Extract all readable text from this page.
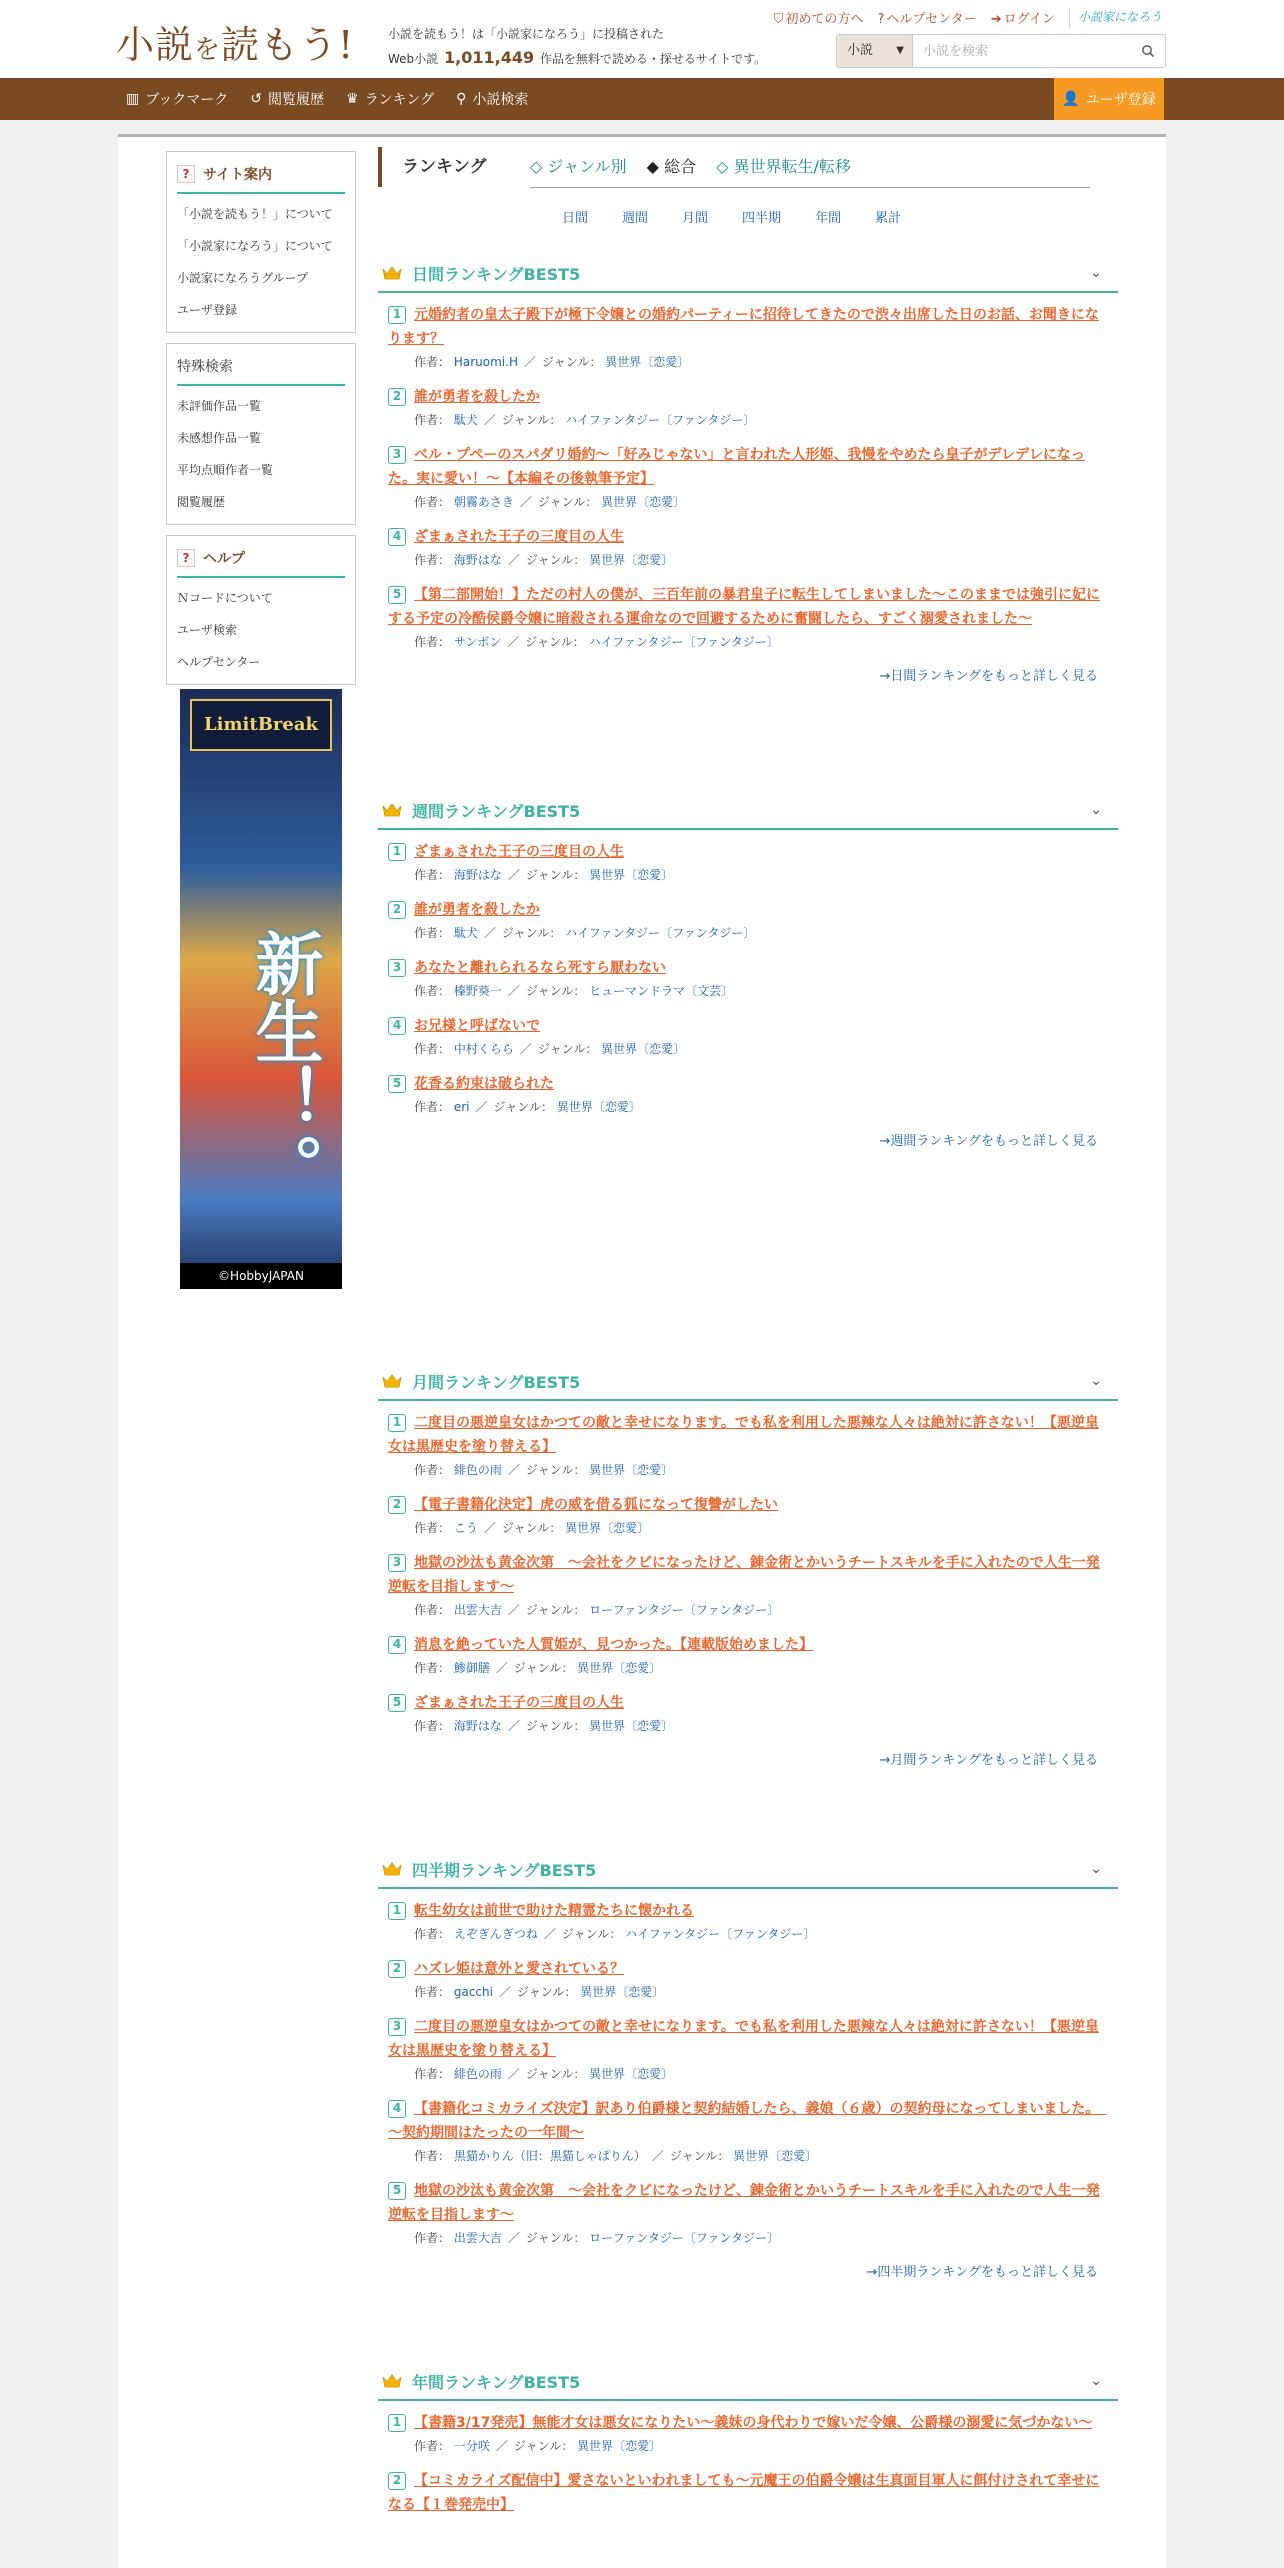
小説を読もう!	小説を読もう！は「小説家になろう」に投稿された
Web小説 1,011,449 作品を無料で読める・探せるサイトです。
⛉ 初めての方へ ? ヘルプセンター ➔ ログイン	小説家になろう
小説 ▼
小説を検索
▥ ブックマーク ↺ 閲覧履歴 ♛ ランキング ⚲ 小説検索	👤 ユーザ登録
? サイト案内
「小説を読もう！」について
「小説家になろう」について
小説家になろうグループ
ユーザ登録
特殊検索
未評価作品一覧
未感想作品一覧
平均点順作者一覧
閲覧履歴
? ヘルプ
Ｎコードについて
ユーザ検索
ヘルプセンター
LimitBreak
新生！。
©HobbyJAPAN
ランキング	◇ ジャンル別 ◆ 総合 ◇ 異世界転生/転移
日間	週間	月間	四半期	年間	累計
日間ランキングBEST5	⌄
1 元婚約者の皇太子殿下が極下令嬢との婚約パーティーに招待してきたので渋々出席した日のお話、お聞きになります？
作者： Haruomi.H ／ ジャンル： 異世界〔恋愛〕
2 誰が勇者を殺したか
作者： 駄犬 ／ ジャンル： ハイファンタジー〔ファンタジー〕
3 ベル・プペーのスパダリ婚約～「好みじゃない」と言われた人形姫、我慢をやめたら皇子がデレデレになった。実に愛い！～【本編その後執筆予定】
作者： 朝霧あさき ／ ジャンル： 異世界〔恋愛〕
4 ざまぁされた王子の三度目の人生
作者： 海野はな ／ ジャンル： 異世界〔恋愛〕
5 【第二部開始！】ただの村人の僕が、三百年前の暴君皇子に転生してしまいました～このままでは強引に妃にする予定の冷酷侯爵令嬢に暗殺される運命なので回避するために奮闘したら、すごく溺愛されました～
作者： サンボン ／ ジャンル： ハイファンタジー〔ファンタジー〕
→日間ランキングをもっと詳しく見る
週間ランキングBEST5	⌄
1 ざまぁされた王子の三度目の人生
作者： 海野はな ／ ジャンル： 異世界〔恋愛〕
2 誰が勇者を殺したか
作者： 駄犬 ／ ジャンル： ハイファンタジー〔ファンタジー〕
3 あなたと離れられるなら死すら厭わない
作者： 榛野葵一 ／ ジャンル： ヒューマンドラマ〔文芸〕
4 お兄様と呼ばないで
作者： 中村くらら ／ ジャンル： 異世界〔恋愛〕
5 花香る約束は破られた
作者： eri ／ ジャンル： 異世界〔恋愛〕
→週間ランキングをもっと詳しく見る
月間ランキングBEST5	⌄
1 二度目の悪逆皇女はかつての敵と幸せになります。でも私を利用した悪辣な人々は絶対に許さない！【悪逆皇女は黒歴史を塗り替える】
作者： 緋色の雨 ／ ジャンル： 異世界〔恋愛〕
2 【電子書籍化決定】虎の威を借る狐になって復讐がしたい
作者： こう ／ ジャンル： 異世界〔恋愛〕
3 地獄の沙汰も黄金次第　～会社をクビになったけど、錬金術とかいうチートスキルを手に入れたので人生一発逆転を目指します～
作者： 出雲大吉 ／ ジャンル： ローファンタジー〔ファンタジー〕
4 消息を絶っていた人質姫が、見つかった。【連載版始めました】
作者： 鯵御膳 ／ ジャンル： 異世界〔恋愛〕
5 ざまぁされた王子の三度目の人生
作者： 海野はな ／ ジャンル： 異世界〔恋愛〕
→月間ランキングをもっと詳しく見る
四半期ランキングBEST5	⌄
1 転生幼女は前世で助けた精霊たちに懐かれる
作者： えぞぎんぎつね ／ ジャンル： ハイファンタジー〔ファンタジー〕
2 ハズレ姫は意外と愛されている？
作者： gacchi ／ ジャンル： 異世界〔恋愛〕
3 二度目の悪逆皇女はかつての敵と幸せになります。でも私を利用した悪辣な人々は絶対に許さない！【悪逆皇女は黒歴史を塗り替える】
作者： 緋色の雨 ／ ジャンル： 異世界〔恋愛〕
4 【書籍化コミカライズ決定】訳あり伯爵様と契約結婚したら、義娘（６歳）の契約母になってしまいました。　～契約期間はたったの一年間～
作者： 黒猫かりん（旧：黒猫しゃぱりん） ／ ジャンル： 異世界〔恋愛〕
5 地獄の沙汰も黄金次第　～会社をクビになったけど、錬金術とかいうチートスキルを手に入れたので人生一発逆転を目指します～
作者： 出雲大吉 ／ ジャンル： ローファンタジー〔ファンタジー〕
→四半期ランキングをもっと詳しく見る
年間ランキングBEST5	⌄
1 【書籍3/17発売】無能才女は悪女になりたい～義妹の身代わりで嫁いだ令嬢、公爵様の溺愛に気づかない～
作者： 一分咲 ／ ジャンル： 異世界〔恋愛〕
2 【コミカライズ配信中】愛さないといわれましても～元魔王の伯爵令嬢は生真面目軍人に餌付けされて幸せになる【１巻発売中】
